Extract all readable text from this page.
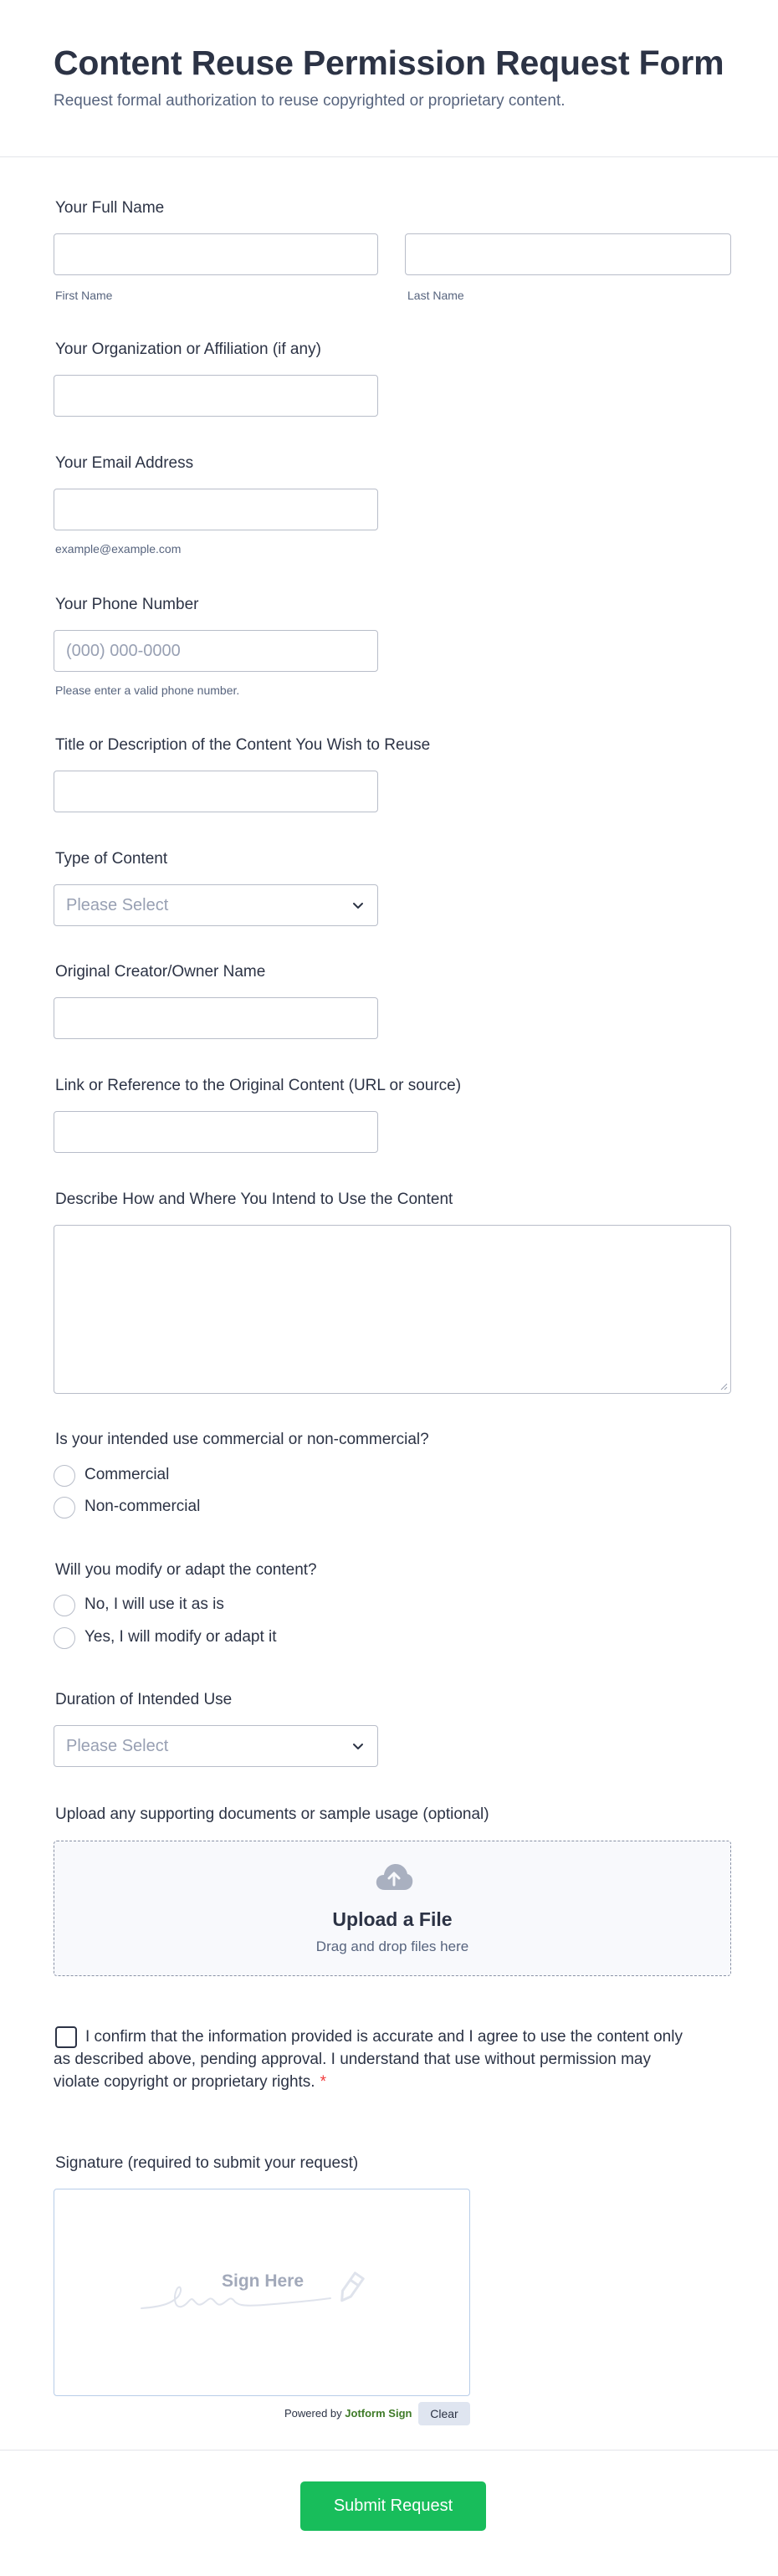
Content Reuse Permission Request Form

Request formal authorization to reuse copyrighted or proprietary content.

Your Full Name
First Name	Last Name
Your Organization or Affiliation (if any)
Your Email Address
example@example.com
Your Phone Number
(000) 000-0000
Please enter a valid phone number.
Title or Description of the Content You Wish to Reuse
Type of Content
Please Select
Original Creator/Owner Name
Link or Reference to the Original Content (URL or source)
Describe How and Where You Intend to Use the Content
Is your intended use commercial or non-commercial?
Commercial
Non-commercial
Will you modify or adapt the content?
No, I will use it as is
Yes, I will modify or adapt it
Duration of Intended Use
Please Select
Upload any supporting documents or sample usage (optional)
Upload a File
Drag and drop files here
I confirm that the information provided is accurate and I agree to use the content only as described above, pending approval. I understand that use without permission may violate copyright or proprietary rights. *
Signature (required to submit your request)
Sign Here
Powered by Jotform Sign	Clear
Submit Request
